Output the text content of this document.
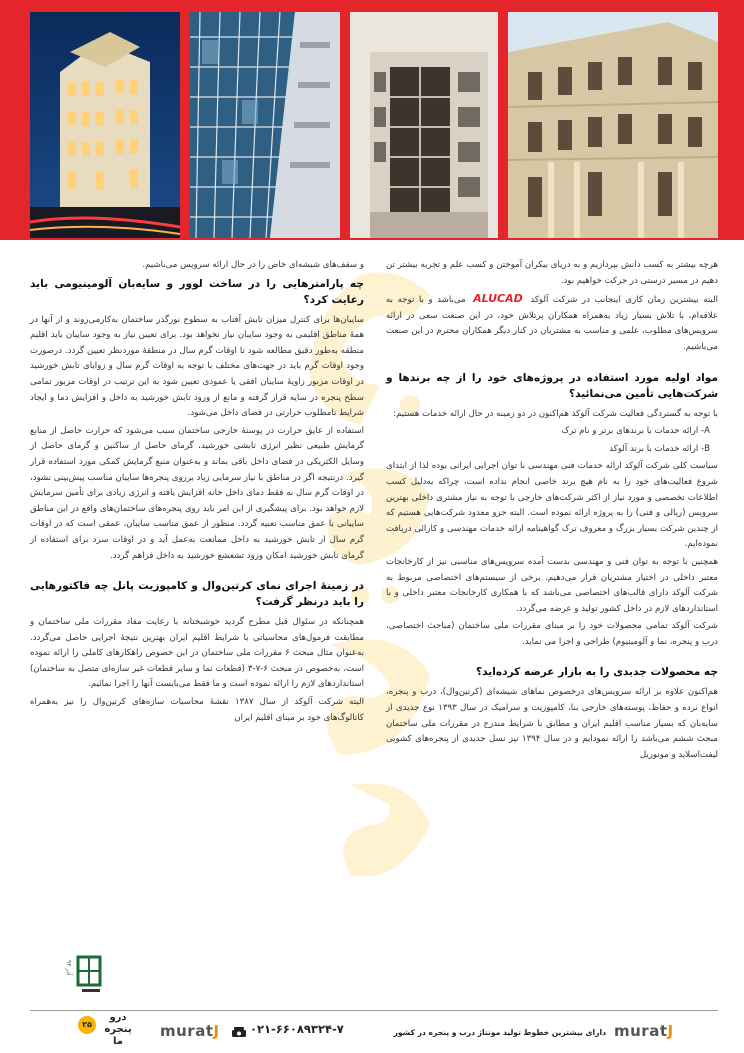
هرچه بیشتر به کسب دانش بپردازیم و به دریای بیکران آموختن و کسب علم و تجربه بیشتر تن دهیم در مسیر درستی در حرکت خواهیم بود.

البته بیشترین زمان کاری اینجانب در شرکت آلوکد ALUCAD می‌باشد و با توجه به علاقه‌ام، با تلاش بسیار زیاد به‌همراه همکاران پرتلاش خود، در این صنعت سعی در ارائه سرویس‌های مطلوب، علمی و مناسب به مشتریان در کنار دیگر همکاران محترم در این صنعت می‌باشیم.

مواد اولیه مورد استفاده در پروژه‌های خود را از چه برندها و شرکت‌هایی تأمین می‌نمائید؟

با توجه به گستردگی فعالیت شرکت آلوکد هم‌اکنون در دو زمینه در حال ارائه خدمات هستیم:

A- ارائه خدمات با برندهای برتر و نام ترک

B- ارائه خدمات با برند آلوکد

سیاست کلی شرکت آلوکد ارائه خدمات فنی مهندسی با توان اجرایی ایرانی بوده لذا از ابتدای شروع فعالیت‌های خود را به نام هیچ برند خاصی انجام نداده است، چراکه به‌دلیل کسب اطلاعات تخصصی و مورد نیاز از اکثر شرکت‌های خارجی با توجه به نیاز مشتری داخلی بهترین سرویس (ریالی و فنی) را به پروژه ارائه نموده است. البته جزو معدود شرکت‌هایی هستیم که از چندین شرکت بسیار بزرگ و معروف ترک گواهینامه ارائه خدمات مهندسی و کارائی دریافت نموده‌ایم.

همچنین با توجه به توان فنی و مهندسی بدست آمده سرویس‌های مناسبی نیز از کارخانجات معتبر داخلی در اختیار مشتریان قرار می‌دهیم. برخی از سیستم‌های اختصاصی مربوط به شرکت آلوکد دارای قالب‌های اختصاصی می‌باشد که با همکاری کارخانجات معتبر داخلی و با استانداردهای لازم در داخل کشور تولید و عرضه می‌گردد.

شرکت آلوکد تمامی محصولات خود را بر مبنای مقررات ملی ساختمان (مباحث اختصاصی، درب و پنجره، نما و آلومینیوم) طراحی و اجرا می نماید.

چه محصولات جدیدی را به بازار عرضه کرده‌اید؟

هم‌اکنون علاوه بر ارائه سرویس‌های درخصوص نماهای شیشه‌ای (کرتین‌وال)، درب و پنجره، انواع نرده و حفاظ، پوسته‌های خارجی بنا، کامپوزیت و سرامیک در سال ۱۳۹۳ نوع جدیدی از سایه‌بان که بسیار مناسب اقلیم ایران و مطابق با شرایط مندرج در مقررات ملی ساختمان مبحث ششم می‌باشد را ارائه نمودایم و در سال ۱۳۹۴ نیز نسل جدیدی از پنجره‌های کشویی لیفت‌اسلاید و مونوریل

و سقف‌های شیشه‌ای خاص را در حال ارائه سرویس می‌باشیم.

چه پارامترهایی را در ساخت لوور و سایه‌بان آلومینیومی باید رعایت کرد؟

سایبان‌ها برای کنترل میزان تابش آفتاب به سطوح نورگذر ساختمان به‌کارمی‌روند و از آنها در همهٔ مناطق اقلیمی به وجود سایبان نیاز نخواهد بود. برای تعیین نیاز به وجود سایبان باید اقلیم منطقه به‌طور دقیق مطالعه شود تا اوقات گرم سال در منطقهٔ موردنظر تعیین گردد. درصورت وجود اوقات گرم باید در جهت‌های مختلف با توجه به اوقات گرم سال و زوایای تابش خورشید در اوقات مزبور زاویهٔ سایبان افقی یا عمودی تعیین شود به این ترتیب در اوقات مزبور تمامی سطح پنجره در سایه قرار گرفته و مانع از ورود تابش خورشید به داخل و افزایش دما و ایجاد شرایط نامطلوب حرارتی در فضای داخل می‌شود.

استفاده از عایق حرارت در پوستهٔ خارجی ساختمان سبب می‌شود که حرارت حاصل از منابع گرمایش طبیعی نظیر انرژی تابشی خورشید، گرمای حاصل از ساکنین و گرمای حاصل از وسایل الکتریکی در فضای داخل باقی بماند و به‌عنوان منبع گرمایش کمکی مورد استفاده قرار گیرد. درنتیجه اگر در مناطق با نیاز سرمایی زیاد برروی پنجره‌ها سایبان مناسب پیش‌بینی نشود، در اوقات گرم سال نه فقط دمای داخل خانه افزایش یافته و انرژی زیادی برای تأمین سرمایش لازم خواهد بود. برای پیشگیری از این امر باید روی پنجره‌های ساختمان‌های واقع در این مناطق سایبانی با عمق مناسب تعبیه گردد. منظور از عمق مناسب سایبان، عمقی است که در اوقات گرم سال از تابش خورشید به داخل ممانعت به‌عمل آید و در اوقات سرد برای استفاده از گرمای تابش خورشید امکان ورود تشعشع خورشید به داخل فراهم گردد.

در زمینهٔ اجرای نمای کرتین‌وال و کامپوزیت پانل چه فاکتورهایی را باید درنظر گرفت؟

همچنانکه در سئوال قبل مطرح گردید خوشبختانه با رعایت مفاد مقررات ملی ساختمان و مطابقت فرمول‌های محاسباتی با شرایط اقلیم ایران بهترین نتیجهٔ اجرایی حاصل می‌گردد. به‌عنوان مثال مبحث ۶ مقررات ملی ساختمان در این خصوص راهکارهای کاملی را ارائه نموده است، به‌خصوص در مبحث ۶-۷-۳ (قطعات نما و سایر قطعات غیر سازه‌ای متصل به ساختمان) استانداردهای لازم را ارائه نموده است و ما فقط می‌بایست آنها را اجرا نمائیم.

البته شرکت آلوکد از سال ۱۳۸۷ نقشهٔ محاسبات سازه‌های کرتین‌وال را نیز به‌همراه کاتالوگ‌های خود بر مبنای اقلیم ایران

آذر ۹۴
۲۵
درو پنجره ما
muratJ	۰۲۱-۶۶۰۸۹۳۲۴-۷	دارای بیشترین خطوط تولید مونتاژ درب و پنجره در کشور muratJ
